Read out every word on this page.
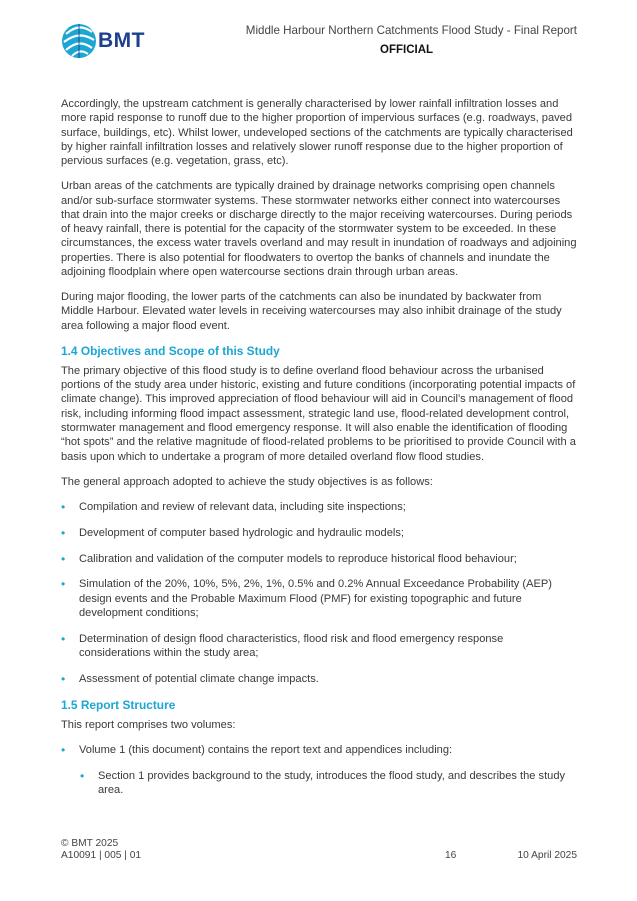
BMT	Middle Harbour Northern Catchments Flood Study - Final Report
OFFICIAL

Accordingly, the upstream catchment is generally characterised by lower rainfall infiltration losses and more rapid response to runoff due to the higher proportion of impervious surfaces (e.g. roadways, paved surface, buildings, etc). Whilst lower, undeveloped sections of the catchments are typically characterised by higher rainfall infiltration losses and relatively slower runoff response due to the higher proportion of pervious surfaces (e.g. vegetation, grass, etc).

Urban areas of the catchments are typically drained by drainage networks comprising open channels and/or sub-surface stormwater systems. These stormwater networks either connect into watercourses that drain into the major creeks or discharge directly to the major receiving watercourses. During periods of heavy rainfall, there is potential for the capacity of the stormwater system to be exceeded. In these circumstances, the excess water travels overland and may result in inundation of roadways and adjoining properties. There is also potential for floodwaters to overtop the banks of channels and inundate the adjoining floodplain where open watercourse sections drain through urban areas.

During major flooding, the lower parts of the catchments can also be inundated by backwater from Middle Harbour. Elevated water levels in receiving watercourses may also inhibit drainage of the study area following a major flood event.

1.4 Objectives and Scope of this Study

The primary objective of this flood study is to define overland flood behaviour across the urbanised portions of the study area under historic, existing and future conditions (incorporating potential impacts of climate change). This improved appreciation of flood behaviour will aid in Council’s management of flood risk, including informing flood impact assessment, strategic land use, flood-related development control, stormwater management and flood emergency response. It will also enable the identification of flooding “hot spots” and the relative magnitude of flood-related problems to be prioritised to provide Council with a basis upon which to undertake a program of more detailed overland flow flood studies.

The general approach adopted to achieve the study objectives is as follows:

• Compilation and review of relevant data, including site inspections;
• Development of computer based hydrologic and hydraulic models;
• Calibration and validation of the computer models to reproduce historical flood behaviour;
• Simulation of the 20%, 10%, 5%, 2%, 1%, 0.5% and 0.2% Annual Exceedance Probability (AEP) design events and the Probable Maximum Flood (PMF) for existing topographic and future development conditions;
• Determination of design flood characteristics, flood risk and flood emergency response considerations within the study area;
• Assessment of potential climate change impacts.
1.5 Report Structure

This report comprises two volumes:

• Volume 1 (this document) contains the report text and appendices including:
• Section 1 provides background to the study, introduces the flood study, and describes the study area.
© BMT 2025
A10091 | 005 | 01	16	10 April 2025
